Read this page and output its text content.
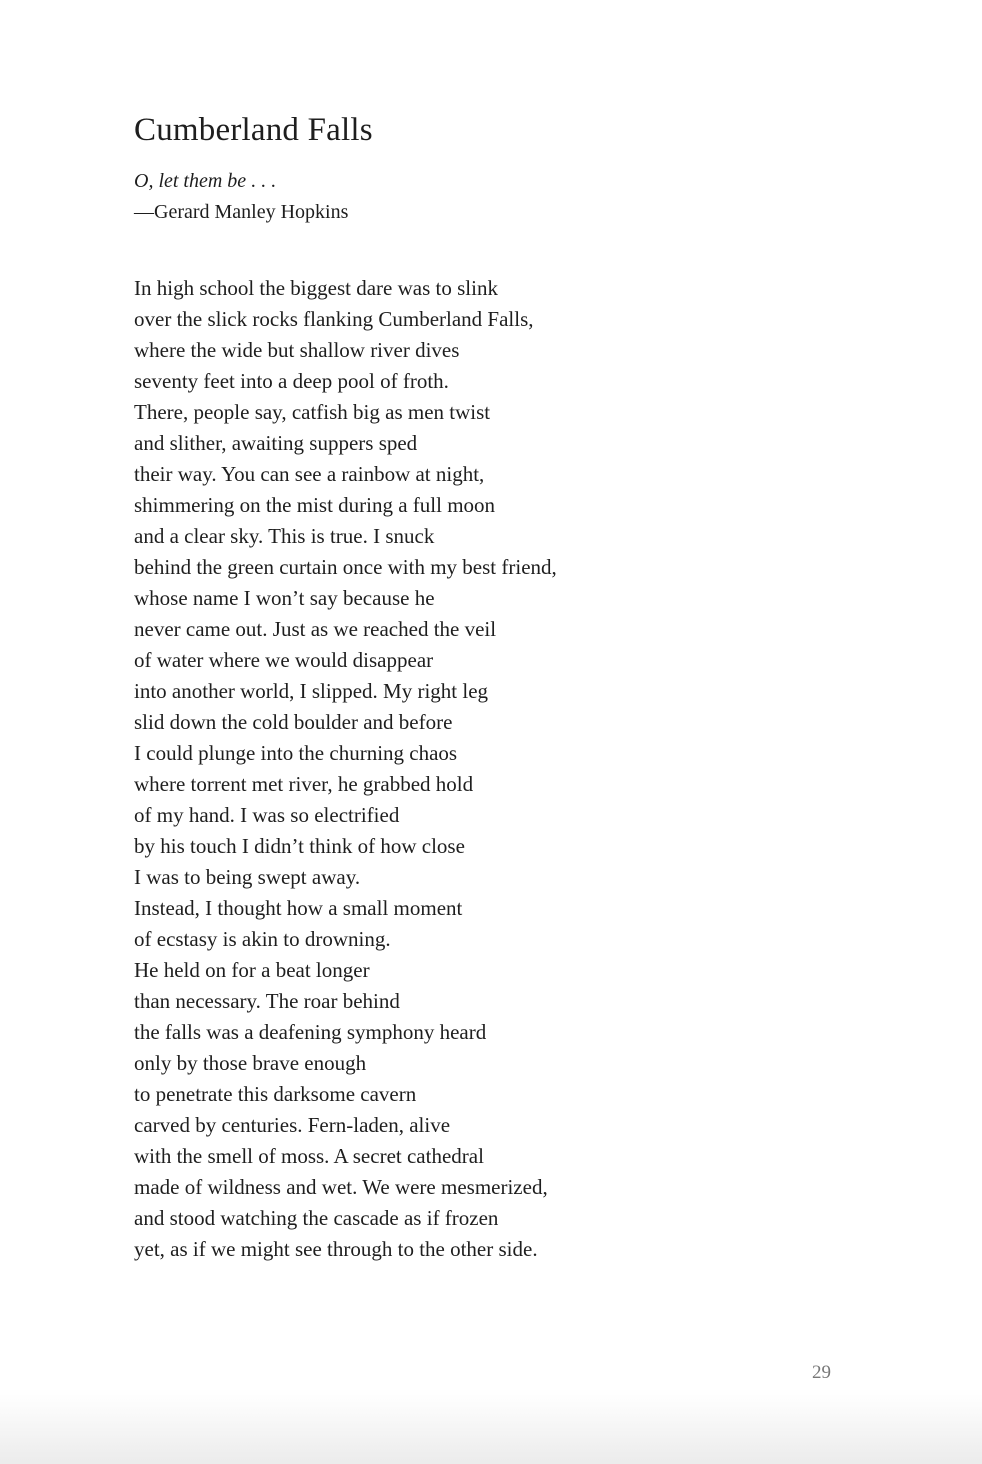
Cumberland Falls
O, let them be . . .
—Gerard Manley Hopkins
In high school the biggest dare was to slink
over the slick rocks flanking Cumberland Falls,
where the wide but shallow river dives
seventy feet into a deep pool of froth.
There, people say, catfish big as men twist
and slither, awaiting suppers sped
their way. You can see a rainbow at night,
shimmering on the mist during a full moon
and a clear sky. This is true. I snuck
behind the green curtain once with my best friend,
whose name I won’t say because he
never came out. Just as we reached the veil
of water where we would disappear
into another world, I slipped. My right leg
slid down the cold boulder and before
I could plunge into the churning chaos
where torrent met river, he grabbed hold
of my hand. I was so electrified
by his touch I didn’t think of how close
I was to being swept away.
Instead, I thought how a small moment
of ecstasy is akin to drowning.
He held on for a beat longer
than necessary. The roar behind
the falls was a deafening symphony heard
only by those brave enough
to penetrate this darksome cavern
carved by centuries. Fern-laden, alive
with the smell of moss. A secret cathedral
made of wildness and wet. We were mesmerized,
and stood watching the cascade as if frozen
yet, as if we might see through to the other side.
29
